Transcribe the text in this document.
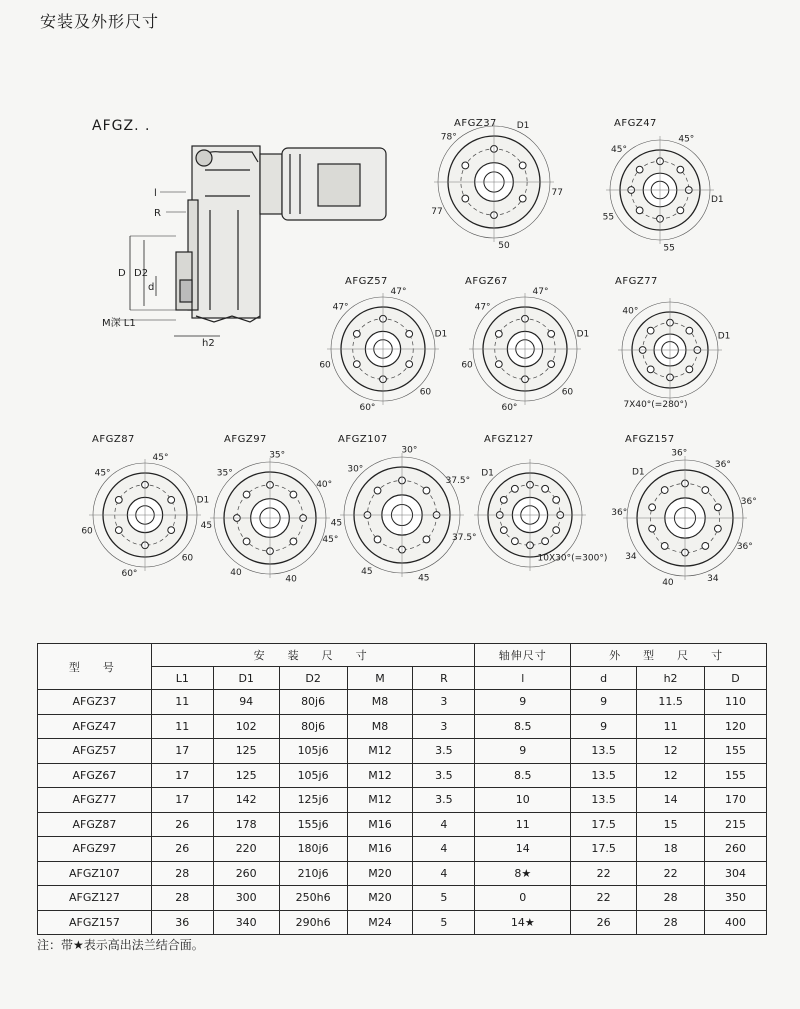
安装及外形尺寸
AFGZ. .
l
R
D D2
d
M深 L1
h2
AFGZ37
78°
D1
77
50
77
AFGZ47
45°
45°
D1
55
55
AFGZ57
47°
47°
D1
60
60°
60
AFGZ67
47°
47°
D1
60
60°
60
AFGZ77
40°
D1
7X40°(=280°)
AFGZ87
45°
45°
D1
60
60°
60
AFGZ97
35°
35°
40°
45°
40
40
45
AFGZ107
30°
30°
37.5°
37.5°
45
45
45
AFGZ127
D1
10X30°(=300°)
AFGZ157
D1
36°
36°
36°
36°
34
40
34
36°
型　号	安　装　尺　寸					轴伸尺寸	外　型　尺　寸		
	L1	D1	D2	M	R	l	d	h2	D
AFGZ37	11	94	80j6	M8	3	9	9	11.5	110
AFGZ47	11	102	80j6	M8	3	8.5	9	11	120
AFGZ57	17	125	105j6	M12	3.5	9	13.5	12	155
AFGZ67	17	125	105j6	M12	3.5	8.5	13.5	12	155
AFGZ77	17	142	125j6	M12	3.5	10	13.5	14	170
AFGZ87	26	178	155j6	M16	4	11	17.5	15	215
AFGZ97	26	220	180j6	M16	4	14	17.5	18	260
AFGZ107	28	260	210j6	M20	4	8★	22	22	304
AFGZ127	28	300	250h6	M20	5	0	22	28	350
AFGZ157	36	340	290h6	M24	5	14★	26	28	400
注：带★表示高出法兰结合面。
